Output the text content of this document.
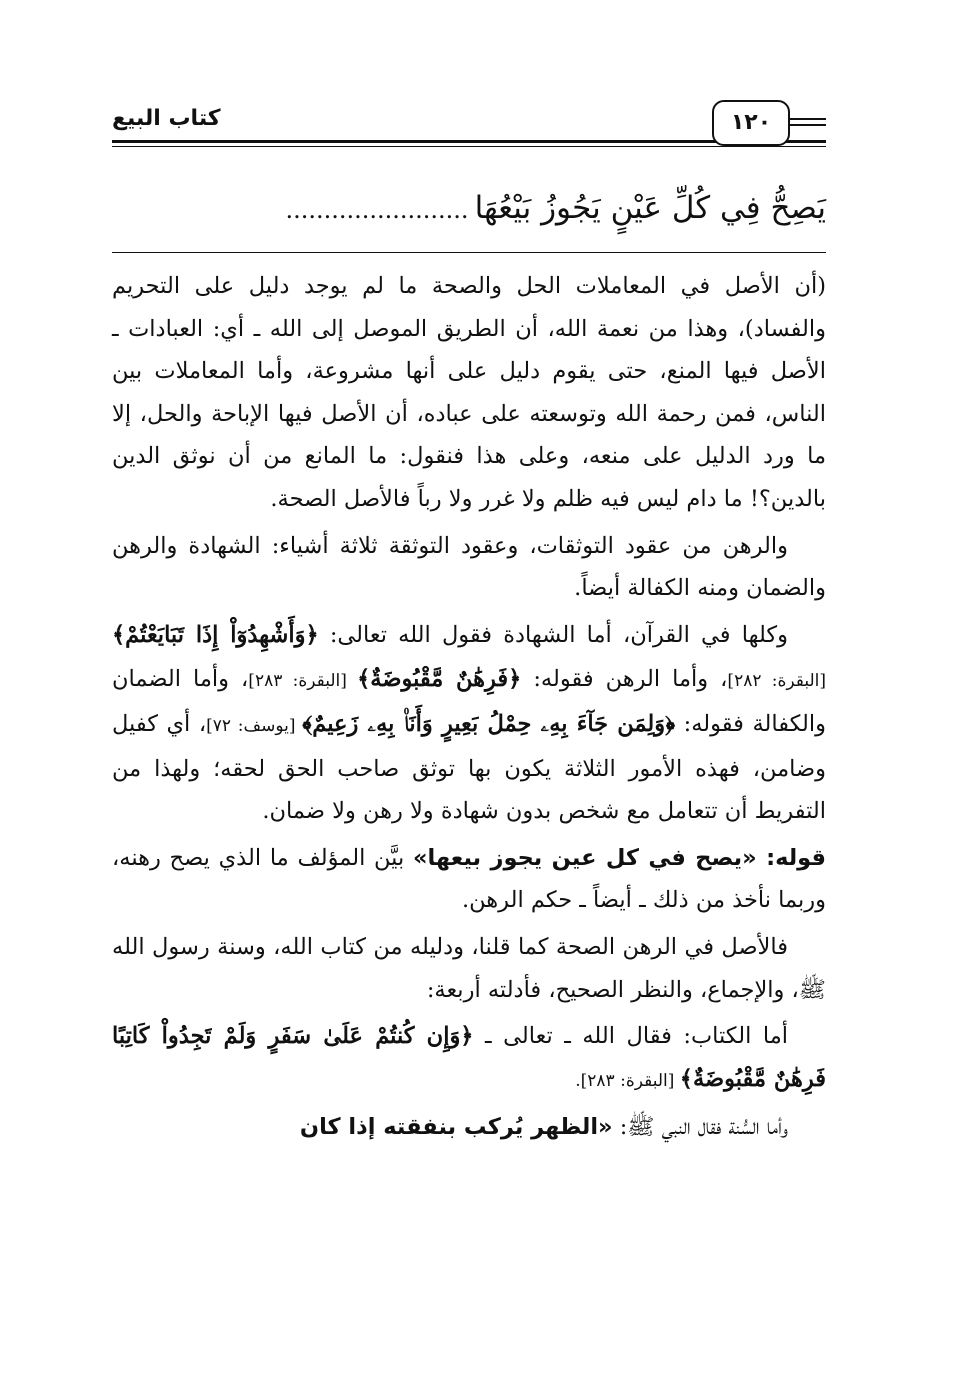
كتاب البيع	١٢٠
يَصِحُّ فِي كُلِّ عَيْنٍ يَجُوزُ بَيْعُهَا........................

(أن الأصل في المعاملات الحل والصحة ما لم يوجد دليل على التحريم والفساد)، وهذا من نعمة الله، أن الطريق الموصل إلى الله ـ أي: العبادات ـ الأصل فيها المنع، حتى يقوم دليل على أنها مشروعة، وأما المعاملات بين الناس، فمن رحمة الله وتوسعته على عباده، أن الأصل فيها الإباحة والحل، إلا ما ورد الدليل على منعه، وعلى هذا فنقول: ما المانع من أن نوثق الدين بالدين؟! ما دام ليس فيه ظلم ولا غرر ولا رباً فالأصل الصحة.

والرهن من عقود التوثقات، وعقود التوثقة ثلاثة أشياء: الشهادة والرهن والضمان ومنه الكفالة أيضاً.

وكلها في القرآن، أما الشهادة فقول الله تعالى: ﴿وَأَشْهِدُوٓاْ إِذَا تَبَايَعْتُمْ﴾ [البقرة: ٢٨٢]، وأما الرهن فقوله: ﴿فَرِهَٰنٌ مَّقْبُوضَةٌ﴾ [البقرة: ٢٨٣]، وأما الضمان والكفالة فقوله: ﴿وَلِمَن جَآءَ بِهِۦ حِمْلُ بَعِيرٍ وَأَنَا۠ بِهِۦ زَعِيمٌ﴾ [يوسف: ٧٢]، أي كفيل وضامن، فهذه الأمور الثلاثة يكون بها توثق صاحب الحق لحقه؛ ولهذا من التفريط أن تتعامل مع شخص بدون شهادة ولا رهن ولا ضمان.

قوله: «يصح في كل عين يجوز بيعها» بيَّن المؤلف ما الذي يصح رهنه، وربما نأخذ من ذلك ـ أيضاً ـ حكم الرهن.

فالأصل في الرهن الصحة كما قلنا، ودليله من كتاب الله، وسنة رسول الله ﷺ، والإجماع، والنظر الصحيح، فأدلته أربعة:

أما الكتاب: فقال الله ـ تعالى ـ ﴿وَإِن كُنتُمْ عَلَىٰ سَفَرٍ وَلَمْ تَجِدُواْ كَاتِبًا فَرِهَٰنٌ مَّقْبُوضَةٌ﴾ [البقرة: ٢٨٣].

وأما السُّنة فقال النبي ﷺ: «الظهر يُركب بنفقته إذا كان
